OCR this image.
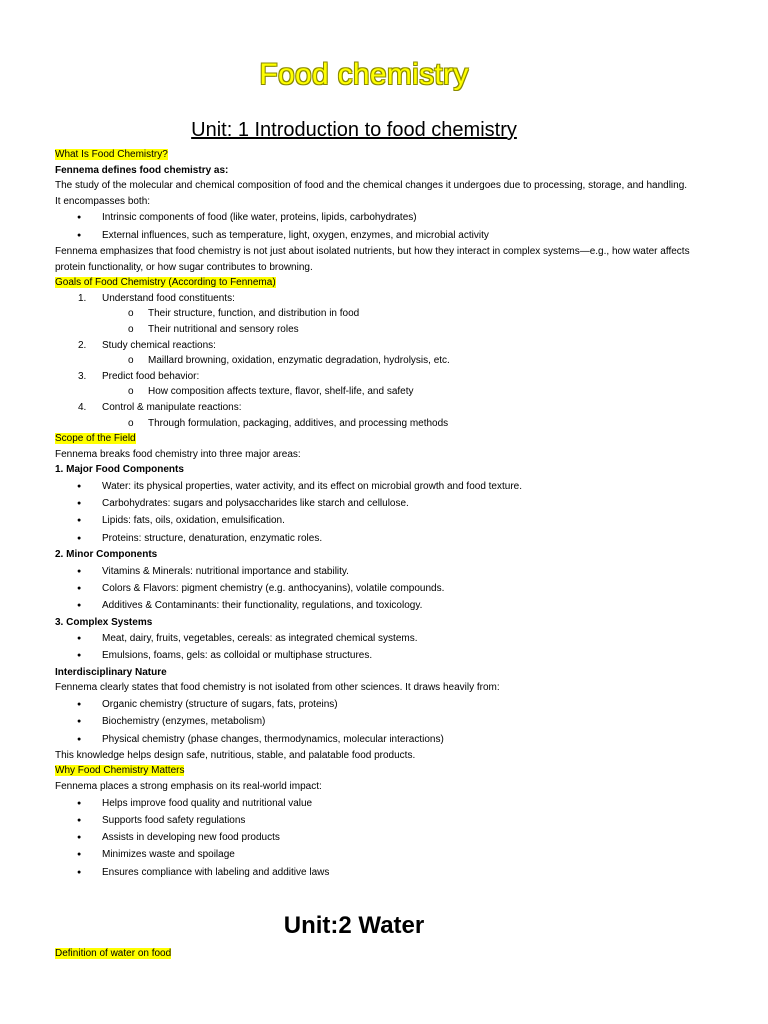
Food chemistry
Unit: 1 Introduction to food chemistry
What Is Food Chemistry?
Fennema defines food chemistry as:
The study of the molecular and chemical composition of food and the chemical changes it undergoes due to processing, storage, and handling.
It encompasses both:
● Intrinsic components of food (like water, proteins, lipids, carbohydrates)
● External influences, such as temperature, light, oxygen, enzymes, and microbial activity
Fennema emphasizes that food chemistry is not just about isolated nutrients, but how they interact in complex systems—e.g., how water affects protein functionality, or how sugar contributes to browning.
Goals of Food Chemistry (According to Fennema)
1. Understand food constituents:
o Their structure, function, and distribution in food
o Their nutritional and sensory roles
2. Study chemical reactions:
o Maillard browning, oxidation, enzymatic degradation, hydrolysis, etc.
3. Predict food behavior:
o How composition affects texture, flavor, shelf-life, and safety
4. Control & manipulate reactions:
o Through formulation, packaging, additives, and processing methods
Scope of the Field
Fennema breaks food chemistry into three major areas:
1. Major Food Components
● Water: its physical properties, water activity, and its effect on microbial growth and food texture.
● Carbohydrates: sugars and polysaccharides like starch and cellulose.
● Lipids: fats, oils, oxidation, emulsification.
● Proteins: structure, denaturation, enzymatic roles.
2. Minor Components
● Vitamins & Minerals: nutritional importance and stability.
● Colors & Flavors: pigment chemistry (e.g. anthocyanins), volatile compounds.
● Additives & Contaminants: their functionality, regulations, and toxicology.
3. Complex Systems
● Meat, dairy, fruits, vegetables, cereals: as integrated chemical systems.
● Emulsions, foams, gels: as colloidal or multiphase structures.
Interdisciplinary Nature
Fennema clearly states that food chemistry is not isolated from other sciences. It draws heavily from:
● Organic chemistry (structure of sugars, fats, proteins)
● Biochemistry (enzymes, metabolism)
● Physical chemistry (phase changes, thermodynamics, molecular interactions)
This knowledge helps design safe, nutritious, stable, and palatable food products.
Why Food Chemistry Matters
Fennema places a strong emphasis on its real-world impact:
● Helps improve food quality and nutritional value
● Supports food safety regulations
● Assists in developing new food products
● Minimizes waste and spoilage
● Ensures compliance with labeling and additive laws
Unit:2 Water
Definition of water on food
